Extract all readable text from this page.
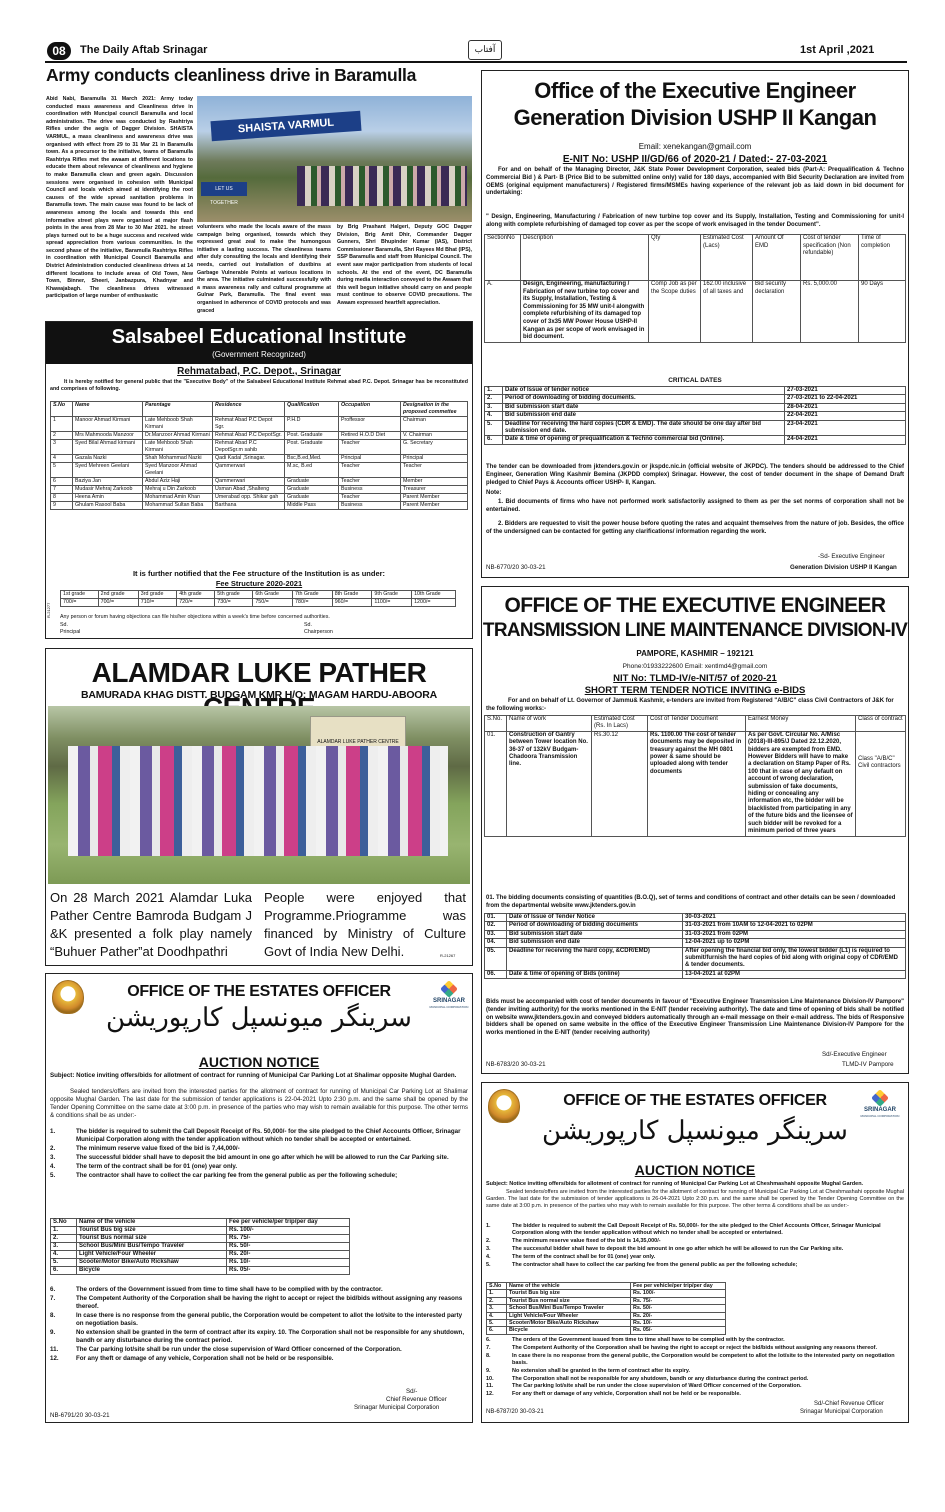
08	The Daily Aftab Srinagar	آفتاب	1st April ,2021
Army conducts cleanliness drive in Baramulla
Abid Nabi, Baramulla 31 March 2021: Army today conducted mass awareness and Cleanliness drive in coordination with Muncipal council Baramulla and local administration. The drive was conducted by Rashtriya Rifles under the aegis of Dagger Division. SHAISTA VARMUL, a mass cleanliness and awareness drive was organised with effect from 29 to 31 Mar 21 in Baramulla town. As a precursor to the initiative, teams of Baramulla Rashtriya Rifles met the awaam at different locations to educate them about relevance of cleanliness and hygiene to make Baramulla clean and green again. Discussion sessions were organised in cohesion with Municipal Council and locals which aimed at identifying the root causes of the wide spread sanitation problems in Baramulla town. The main cause was found to be lack of awareness among the locals and towards this end informative street plays were organised at major flash points in the area from 28 Mar to 30 Mar 2021. he street plays turned out to be a huge success and received wide spread appreciation from various communities. In the second phase of the initiative, Baramulla Rashtriya Rifles in coordination with Municipal Council Baramulla and District Administration conducted cleanliness drives at 14 different locations to include areas of Old Town, New Town, Binner, Sheeri, Janbazpura, Khadnyar and Khawajabagh. The cleanliness drives witnessed participation of large number of enthusiastic
SHAISTA VARMUL
LET US TOGETHER
volunteers who made the locals aware of the mass campaign being organised, towards which they expressed great zeal to make the humongous initiative a lasting success. The cleanliness teams after duly consulting the locals and identifying their needs, carried out installation of dustbins at Garbage Vulnerable Points at various locations in the area. The initiative culminated successfully with a mass awareness rally and cultural programme at Gulnar Park, Baramulla. The final event was organised in adherence of COVID protocols and was graced
by Brig Prashant Halgeri, Deputy GOC Dagger Division, Brig Amit Dhir, Commander Dagger Gunners, Shri Bhupinder Kumar (IAS), District Commissioner Baramulla, Shri Rayees Md Bhat (IPS), SSP Baramulla and staff from Municipal Council. The event saw major participation from students of local schools. At the end of the event, DC Baramulla during media interaction conveyed to the Awaam that this well begun initiative should carry on and people must continue to observe COVID precautions. The Awaam expressed heartfelt appreciation.
Salsabeel Educational Institute
(Government Recognized)
Rehmatabad, P.C. Depot., Srinagar
It is hereby notified for general public that the "Executive Body" of the Salsabeel Educational Institute Rehmat abad P.C. Depot. Srinagar has be reconstituted and comprises of following.
S.No	Name	Parentage	Residence	Qualification	Occupation	Designation in the proposed commettee
1	Manoor Ahmad Kirmani	Late Mehboob Shah Kirmani	Rehmat Abad P.C Depot Sgr.	P.H.D	Proffessor	Chairman
2	Mrs Mahmooda Manzoor	Dr.Manzoor Ahmad Kirmani	Rehmat Abad P.C DepotSgr.	Post. Graduate	Retired H.O.D Diet	V. Chairman
3	Syed Bilal Ahmad kirmani	Late Mehboob Shah Kirmani	Rehmat Abad P.C DepotSgr.m sahib	Post. Graduate	Teacher	G. Secretary
4	Gazala Nazki	Shah Mohammad Nazki	Qadi Kadal ,Srinagar.	Bsc,B.ed,Med.	Principal	Principal
5	Syed Mehreen Geelani	Syed Manzoor Ahmad Geelani	Qammerwari	M.sc, B.ed	Teacher	Teacher
6	Baziya Jan	Abdul Aziz Haji	Qammerwari	Graduate	Teacher	Member
7	Mudasir Mehraj Zarkoob	Mehraj u Din Zarkoob	Usman Abad ,Shalteng	Graduate	Business	Treasurer
8	Heena Amin	Mohammad Amin Khan	Umerabad opp. Shikar gah	Graduate	Teacher	Parent Member
9	Ghulam Rasool Baba	Mohammad Sultan Baba	Barthana	Middle Pass	Business	Parent Member
It is further notified that the Fee structure of the Institution is as under:
Fee Structure 2020-2021
1st grade	2nd grade	3rd grade	4th grade	5th grade	6th Grade	7th Grade	8th Grade	9th Grade	10th Grade
700/=	700/=	710/=	720/=	730/=	750/=	780/=	960/=	1100/=	1200/=
R-21277 Any person or forum having objections can file his/her objections within a week's time before concerned authorities.
Sd.
Principal
Sd.
Chairperson
ALAMDAR LUKE PATHER
BAMURADA KHAG DISTT. BUDGAM KMR H/O: MAGAM HARDU-ABOORA
ALAMDAR LUKE PATHER CENTRE
On 28 March 2021 Alamdar Luka Pather Centre Bamroda Budgam J &K presented a folk play namely “Buhuer Pather”at Doodhpathri
People were enjoyed that Programme.Priogramme was financed by Ministry of Culture Govt of India New Delhi.	R-21267
OFFICE OF THE ESTATES OFFICER
SRINAGAR
MUNICIPAL CORPORATION
سرینگر میونسپل کارپوریشن
AUCTION NOTICE
Subject: Notice inviting offers/bids for allotment of contract for running of Municipal Car Parking Lot at Shalimar opposite Mughal Garden.
Sealed tenders/offers are invited from the interested parties for the allotment of contract for running of Municipal Car Parking Lot at Shalimar opposite Mughal Garden. The last date for the submission of tender applications is 22-04-2021 Upto 2:30 p.m. and the same shall be opened by the Tender Opening Committee on the same date at 3:00 p.m. in presence of the parties who may wish to remain available for this purpose. The other terms & conditions shall be as under:-
1.	The bidder is required to submit the Call Deposit Receipt of Rs. 50,000/- for the site pledged to the Chief Accounts Officer, Srinagar Municipal Corporation along with the tender application without which no tender shall be accepted or entertained.
2.	The minimum reserve value fixed of the bid is 7,44,000/-
3.	The successful bidder shall have to deposit the bid amount in one go after which he will be allowed to run the Car Parking site.
4.	The term of the contract shall be for 01 (one) year only.
5.	The contractor shall have to collect the car parking fee from the general public as per the following schedule;
S.No	Name of the vehicle	Fee per vehicle/per trip/per day
1.	Tourist Bus big size	Rs. 100/-
2.	Tourist Bus normal size	Rs. 75/-
3.	School Bus/Mini Bus/Tempo Traveler	Rs. 50/-
4.	Light Vehicle/Four Wheeler	Rs. 20/-
5.	Scooter/Motor Bike/Auto Rickshaw	Rs. 10/-
6.	Bicycle	Rs. 05/-
6.	The orders of the Government issued from time to time shall have to be complied with by the contractor.
7.	The Competent Authority of the Corporation shall be having the right to accept or reject the bid/bids without assigning any reasons thereof.
8.	In case there is no response from the general public, the Corporation would be competent to allot the lot/site to the interested party on negotiation basis.
9.	No extension shall be granted in the term of contract after its expiry. 10. The Corporation shall not be responsible for any shutdown, bandh or any disturbance during the contract period.
11.	The Car parking lot/site shall be run under the close supervision of Ward Officer concerned of the Corporation.
12.	For any theft or damage of any vehicle, Corporation shall not be held or be responsible.
Sd/-
Chief Revenue Officer
Srinagar Municipal Corporation
NB-6791/20 30-03-21
Office of the Executive Engineer
Generation Division USHP II Kangan
Email: xenekangan@gmail.com
E-NIT No: USHP II/GD/66 of 2020-21 / Dated:- 27-03-2021
For and on behalf of the Managing Director, J&K State Power Development Corporation, sealed bids (Part-A: Prequalification & Techno Commercial Bid ) & Part- B (Price Bid to be submitted online only) valid for 180 days, accompanied with Bid Security Declaration are invited from OEMS (original equipment manufacturers) / Registered firms/MSMEs having experience of the relevant job as laid down in bid document for undertaking:
" Design, Engineering, Manufacturing / Fabrication of new turbine top cover and its Supply, Installation, Testing and Commissioning for unit-I along with complete refurbishing of damaged top cover as per the scope of work envisaged in the tender Document".
SectionNo	Description	Qty	Estimated Cost (Lacs)	Amount Of EMD	Cost of tender specification (Non refundable)	Time of completion
A.	Design, Engineering, manufacturing / Fabrication of new turbine top cover and its Supply, Installation, Testing & Commissioning for 35 MW unit-I alongwith complete refurbishing of its damaged top cover of 3x35 MW Power House USHP-II Kangan as per scope of work envisaged in bid document.	Comp Job as per the Scope duties	162.00 inclusive of all taxes and	Bid security declaration	Rs. 5,000.00	90 Days
CRITICAL DATES
1.	Date of Issue of tender notice	27-03-2021
2.	Period of downloading of bidding documents.	27-03-2021 to 22-04-2021
3.	Bid submission start date	28-04-2021
4.	Bid submission end date	22-04-2021
5.	Deadline for receiving the hard copies (CDR & EMD). The date should be one day after bid submission end date.	23-04-2021
6.	Date & time of opening of prequalification & Techno commercial bid (Online).	24-04-2021
The tender can be downloaded from jktenders.gov.in or jkspdc.nic.in (official website of JKPDC). The tenders should be addressed to the Chief Engineer, Generation Wing Kashmir Bemina (JKPDD complex) Srinagar. However, the cost of tender document in the shape of Demand Draft pledged to Chief Pays & Accounts officer USHP- II, Kangan.
Note:
1. Bid documents of firms who have not performed work satisfactorily assigned to them as per the set norms of corporation shall not be entertained.
2. Bidders are requested to visit the power house before quoting the rates and acquaint themselves from the nature of job. Besides, the office of the undersigned can be contacted for getting any clarifications/ information regarding the work.
-Sd- Executive Engineer
Generation Division USHP II Kangan
NB-6770/20 30-03-21
OFFICE OF THE EXECUTIVE ENGINEER
TRANSMISSION LINE MAINTENANCE DIVISION-IV
PAMPORE, KASHMIR – 192121
Phone:01933222600 Email: xentlmd4@gmail.com
NIT No: TLMD-IV/e-NIT/57 of 2020-21
SHORT TERM TENDER NOTICE INVITING e-BIDS
For and on behalf of Lt. Governor of Jammu& Kashmir, e-tenders are invited from Registered "A/B/C" class Civil Contractors of J&K for the following works:-
S.No.	Name of work	Estimated Cost (Rs. In Lacs)	Cost of Tender Document	Earnest Money	Class of contract
01.	Construction of Gantry between Tower location No. 36-37 of 132kV Budgam- Chadoora Transmission line.	Rs.30.12	Rs. 1100.00 The cost of tender documents may be deposited in treasury against the MH 0801 power & same should be uploaded along with tender documents	As per Govt. Circular No. A/Misc (2018)-III-895/J Dated 22.12.2020, bidders are exempted from EMD. However Bidders will have to make a declaration on Stamp Paper of Rs. 100 that in case of any default on account of wrong declaration, submission of fake documents, hiding or concealing any information etc, the bidder will be blacklisted from participating in any of the future bids and the licensee of such bidder will be revoked for a minimum period of three years	Class "A/B/C" Civil contractors
01. The bidding documents consisting of quantities (B.O.Q), set of terms and conditions of contract and other details can be seen / downloaded from the departmental website www.jktenders.gov.in
01.	Date of Issue of Tender Notice	30-03-2021
02.	Period of downloading of bidding documents	31-03-2021 from 10AM to 12-04-2021 to 02PM
03.	Bid submission start date	31-03-2021 from 02PM
04.	Bid submission end date	12-04-2021 up to 02PM
05.	Deadline for receiving the hard copy, &CDR/EMD)	After opening the financial bid only, the lowest bidder (L1) is required to submit/furnish the hard copies of bid along with original copy of CDR/EMD & tender documents.
06.	Date & time of opening of Bids (online)	13-04-2021 at 02PM
Bids must be accompanied with cost of tender documents in favour of "Executive Engineer Transmission Line Maintenance Division-IV Pampore" (tender inviting authority) for the works mentioned in the E-NIT (tender receiving authority). The date and time of opening of bids shall be notified on website www.jktenders.gov.in and conveyed bidders automatically through an e-mail message on their e-mail address. The bids of Responsive bidders shall be opened on same website in the office of the Executive Engineer Transmission Line Maintenance Division-IV Pampore for the works mentioned in the E-NIT (tender receiving authority)
Sd/-Executive Engineer
TLMD-IV Pampore
NB-6783/20 30-03-21
OFFICE OF THE ESTATES OFFICER
SRINAGAR
MUNICIPAL CORPORATION
سرینگر میونسپل کارپوریشن
AUCTION NOTICE
Subject: Notice inviting offers/bids for allotment of contract for running of Municipal Car Parking Lot at Cheshmashahi opposite Mughal Garden.
Sealed tenders/offers are invited from the interested parties for the allotment of contract for running of Municipal Car Parking Lot at Cheshmashahi opposite Mughal Garden. The last date for the submission of tender applications is 26-04-2021 Upto 2:30 p.m. and the same shall be opened by the Tender Opening Committee on the same date at 3:00 p.m. in presence of the parties who may wish to remain available for this purpose. The other terms & conditions shall be as under:-
1.	The bidder is required to submit the Call Deposit Receipt of Rs. 50,000/- for the site pledged to the Chief Accounts Officer, Srinagar Municipal Corporation along with the tender application without which no tender shall be accepted or entertained.
2.	The minimum reserve value fixed of the bid is 14,35,000/-
3.	The successful bidder shall have to deposit the bid amount in one go after which he will be allowed to run the Car Parking site.
4.	The term of the contract shall be for 01 (one) year only.
5.	The contractor shall have to collect the car parking fee from the general public as per the following schedule;
S.No	Name of the vehicle	Fee per vehicle/per trip/per day
1.	Tourist Bus big size	Rs. 100/-
2.	Tourist Bus normal size	Rs. 75/-
3.	School Bus/Mini Bus/Tempo Traveler	Rs. 50/-
4.	Light Vehicle/Four Wheeler	Rs. 20/-
5.	Scooter/Motor Bike/Auto Rickshaw	Rs. 10/-
6.	Bicycle	Rs. 05/-
6.	The orders of the Government issued from time to time shall have to be complied with by the contractor.
7.	The Competent Authority of the Corporation shall be having the right to accept or reject the bid/bids without assigning any reasons thereof.
8.	In case there is no response from the general public, the Corporation would be competent to allot the lot/site to the interested party on negotiation basis.
9.	No extension shall be granted in the term of contract after its expiry.
10.	The Corporation shall not be responsible for any shutdown, bandh or any disturbance during the contract period.
11.	The Car parking lot/site shall be run under the close supervision of Ward Officer concerned of the Corporation.
12.	For any theft or damage of any vehicle, Corporation shall not be held or be responsible.
Sd/-Chief Revenue Officer
Srinagar Municipal Corporation
NB-6787/20 30-03-21
